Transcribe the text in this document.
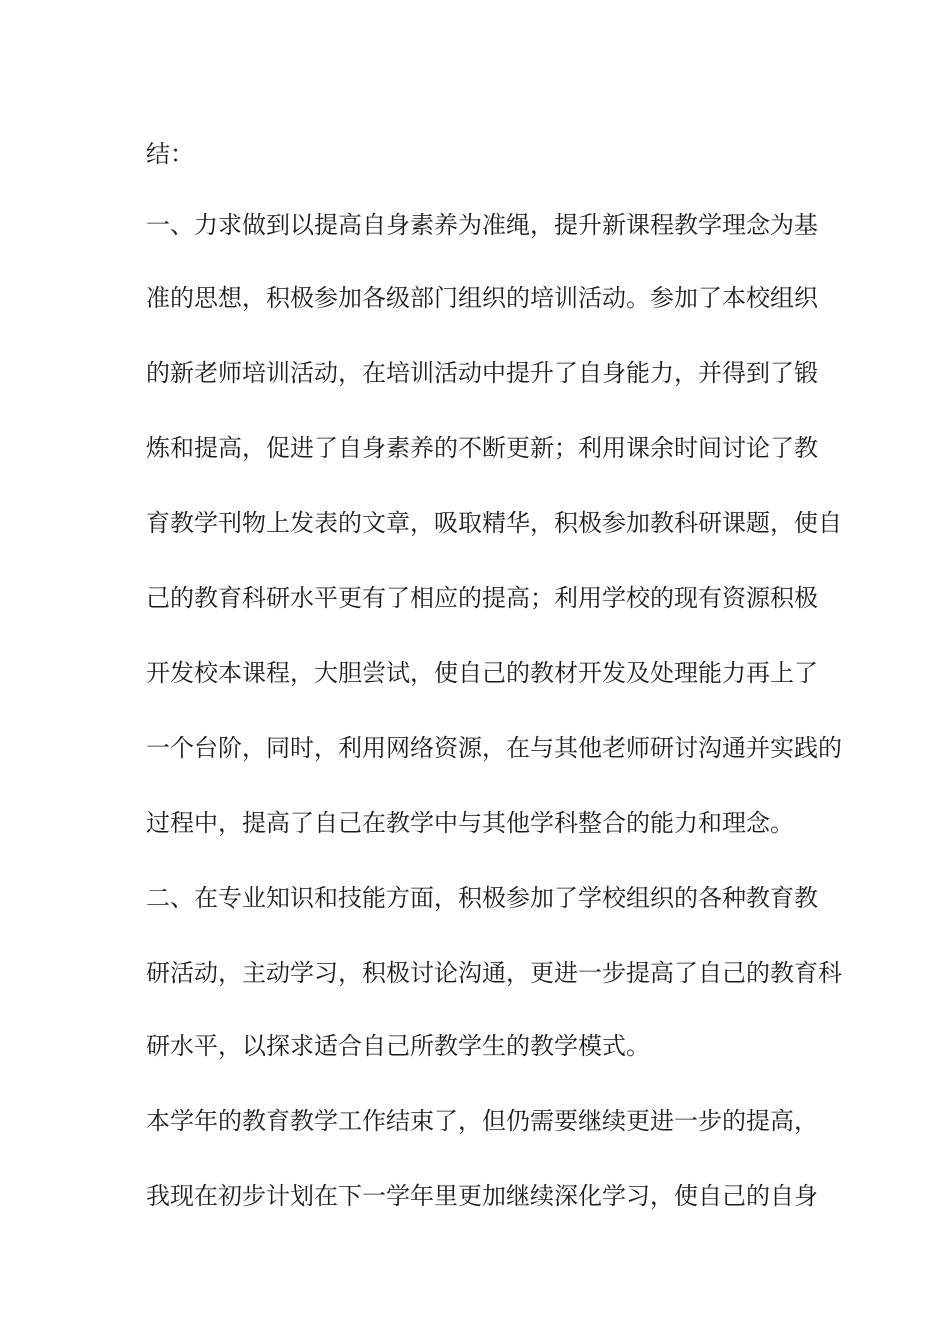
结：

一、力求做到以提高自身素养为准绳，提升新课程教学理念为基

准的思想，积极参加各级部门组织的培训活动。参加了本校组织

的新老师培训活动，在培训活动中提升了自身能力，并得到了锻

炼和提高，促进了自身素养的不断更新；利用课余时间讨论了教

育教学刊物上发表的文章，吸取精华，积极参加教科研课题，使自

己的教育科研水平更有了相应的提高；利用学校的现有资源积极

开发校本课程，大胆尝试，使自己的教材开发及处理能力再上了

一个台阶，同时，利用网络资源，在与其他老师研讨沟通并实践的

过程中，提高了自己在教学中与其他学科整合的能力和理念。

二、在专业知识和技能方面，积极参加了学校组织的各种教育教

研活动，主动学习，积极讨论沟通，更进一步提高了自己的教育科

研水平，以探求适合自己所教学生的教学模式。

本学年的教育教学工作结束了，但仍需要继续更进一步的提高，

我现在初步计划在下一学年里更加继续深化学习，使自己的自身
